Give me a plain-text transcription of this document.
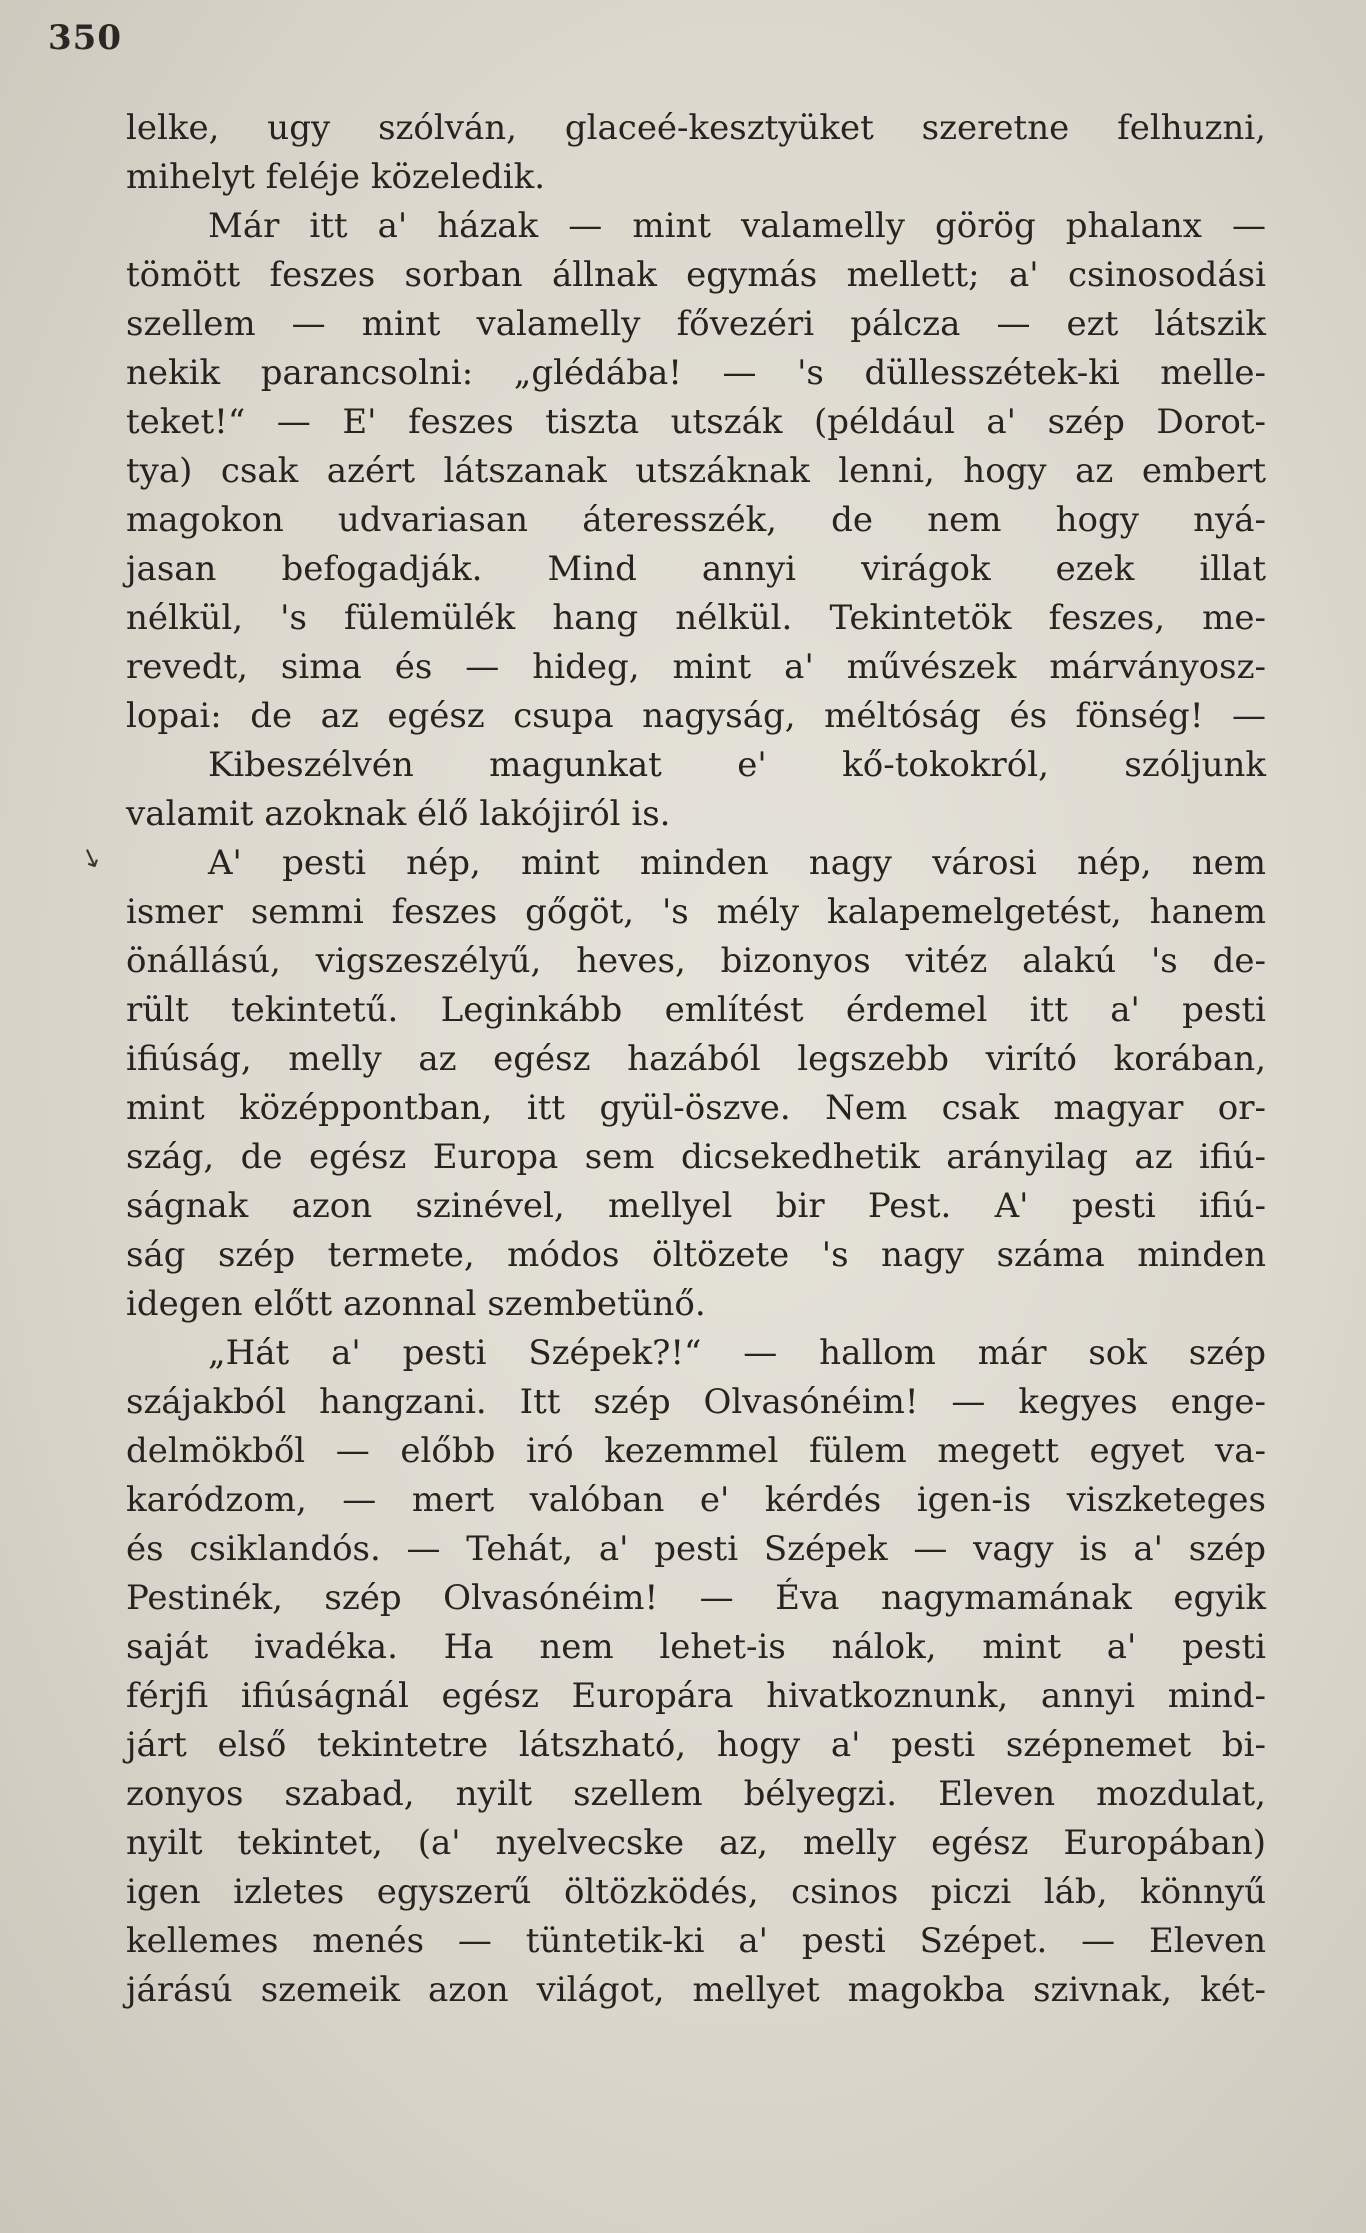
350
↘
lelke, ugy szólván, glaceé-kesztyüket szeretne felhuzni,
mihelyt feléje közeledik.
Már itt a' házak — mint valamelly görög phalanx —
tömött feszes sorban állnak egymás mellett; a' csinosodási
szellem — mint valamelly fővezéri pálcza — ezt látszik
nekik parancsolni: „glédába! — 's düllesszétek-ki melle-
teket!“ — E' feszes tiszta utszák (például a' szép Dorot-
tya) csak azért látszanak utszáknak lenni, hogy az embert
magokon udvariasan áteresszék, de nem hogy nyá-
jasan befogadják. Mind annyi virágok ezek illat
nélkül, 's fülemülék hang nélkül. Tekintetök feszes, me-
revedt, sima és — hideg, mint a' művészek márványosz-
lopai: de az egész csupa nagyság, méltóság és fönség! —
Kibeszélvén magunkat e' kő-tokokról, szóljunk
valamit azoknak élő lakójiról is.
A' pesti nép, mint minden nagy városi nép, nem
ismer semmi feszes gőgöt, 's mély kalapemelgetést, hanem
önállású, vigszeszélyű, heves, bizonyos vitéz alakú 's de-
rült tekintetű. Leginkább említést érdemel itt a' pesti
ifiúság, melly az egész hazából legszebb virító korában,
mint középpontban, itt gyül-öszve. Nem csak magyar or-
szág, de egész Europa sem dicsekedhetik arányilag az ifiú-
ságnak azon szinével, mellyel bir Pest. A' pesti ifiú-
ság szép termete, módos öltözete 's nagy száma minden
idegen előtt azonnal szembetünő.
„Hát a' pesti Szépek?!“ — hallom már sok szép
szájakból hangzani. Itt szép Olvasónéim! — kegyes enge-
delmökből — előbb iró kezemmel fülem megett egyet va-
karódzom, — mert valóban e' kérdés igen-is viszketeges
és csiklandós. — Tehát, a' pesti Szépek — vagy is a' szép
Pestinék, szép Olvasónéim! — Éva nagymamának egyik
saját ivadéka. Ha nem lehet-is nálok, mint a' pesti
férjfi ifiúságnál egész Europára hivatkoznunk, annyi mind-
járt első tekintetre látszható, hogy a' pesti szépnemet bi-
zonyos szabad, nyilt szellem bélyegzi. Eleven mozdulat,
nyilt tekintet, (a' nyelvecske az, melly egész Europában)
igen izletes egyszerű öltözködés, csinos piczi láb, könnyű
kellemes menés — tüntetik-ki a' pesti Szépet. — Eleven
járású szemeik azon világot, mellyet magokba szivnak, két-
